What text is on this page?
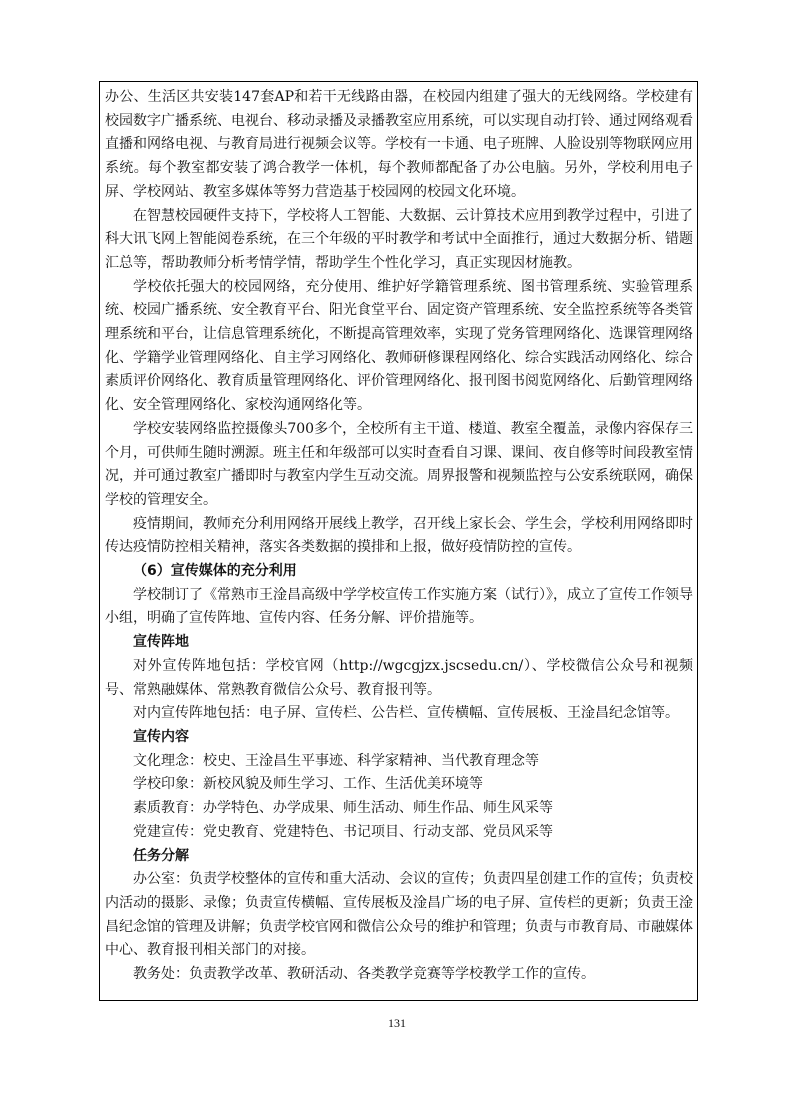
办公、生活区共安装147套AP和若干无线路由器，在校园内组建了强大的无线网络。学校建有校园数字广播系统、电视台、移动录播及录播教室应用系统，可以实现自动打铃、通过网络观看直播和网络电视、与教育局进行视频会议等。学校有一卡通、电子班牌、人脸设别等物联网应用系统。每个教室都安装了鸿合教学一体机，每个教师都配备了办公电脑。另外，学校利用电子屏、学校网站、教室多媒体等努力营造基于校园网的校园文化环境。

在智慧校园硬件支持下，学校将人工智能、大数据、云计算技术应用到教学过程中，引进了科大讯飞网上智能阅卷系统，在三个年级的平时教学和考试中全面推行，通过大数据分析、错题汇总等，帮助教师分析考情学情，帮助学生个性化学习，真正实现因材施教。

学校依托强大的校园网络，充分使用、维护好学籍管理系统、图书管理系统、实验管理系统、校园广播系统、安全教育平台、阳光食堂平台、固定资产管理系统、安全监控系统等各类管理系统和平台，让信息管理系统化，不断提高管理效率，实现了党务管理网络化、选课管理网络化、学籍学业管理网络化、自主学习网络化、教师研修课程网络化、综合实践活动网络化、综合素质评价网络化、教育质量管理网络化、评价管理网络化、报刊图书阅览网络化、后勤管理网络化、安全管理网络化、家校沟通网络化等。

学校安装网络监控摄像头700多个，全校所有主干道、楼道、教室全覆盖，录像内容保存三个月，可供师生随时溯源。班主任和年级部可以实时查看自习课、课间、夜自修等时间段教室情况，并可通过教室广播即时与教室内学生互动交流。周界报警和视频监控与公安系统联网，确保学校的管理安全。

疫情期间，教师充分利用网络开展线上教学，召开线上家长会、学生会，学校利用网络即时传达疫情防控相关精神，落实各类数据的摸排和上报，做好疫情防控的宣传。

（6）宣传媒体的充分利用

学校制订了《常熟市王淦昌高级中学学校宣传工作实施方案（试行）》，成立了宣传工作领导小组，明确了宣传阵地、宣传内容、任务分解、评价措施等。

宣传阵地

对外宣传阵地包括：学校官网（http://wgcgjzx.jscsedu.cn/）、学校微信公众号和视频号、常熟融媒体、常熟教育微信公众号、教育报刊等。

对内宣传阵地包括：电子屏、宣传栏、公告栏、宣传横幅、宣传展板、王淦昌纪念馆等。

宣传内容

文化理念：校史、王淦昌生平事迹、科学家精神、当代教育理念等

学校印象：新校风貌及师生学习、工作、生活优美环境等

素质教育：办学特色、办学成果、师生活动、师生作品、师生风采等

党建宣传：党史教育、党建特色、书记项目、行动支部、党员风采等

任务分解

办公室：负责学校整体的宣传和重大活动、会议的宣传；负责四星创建工作的宣传；负责校内活动的摄影、录像；负责宣传横幅、宣传展板及淦昌广场的电子屏、宣传栏的更新；负责王淦昌纪念馆的管理及讲解；负责学校官网和微信公众号的维护和管理；负责与市教育局、市融媒体中心、教育报刊相关部门的对接。

教务处：负责教学改革、教研活动、各类教学竞赛等学校教学工作的宣传。

131
